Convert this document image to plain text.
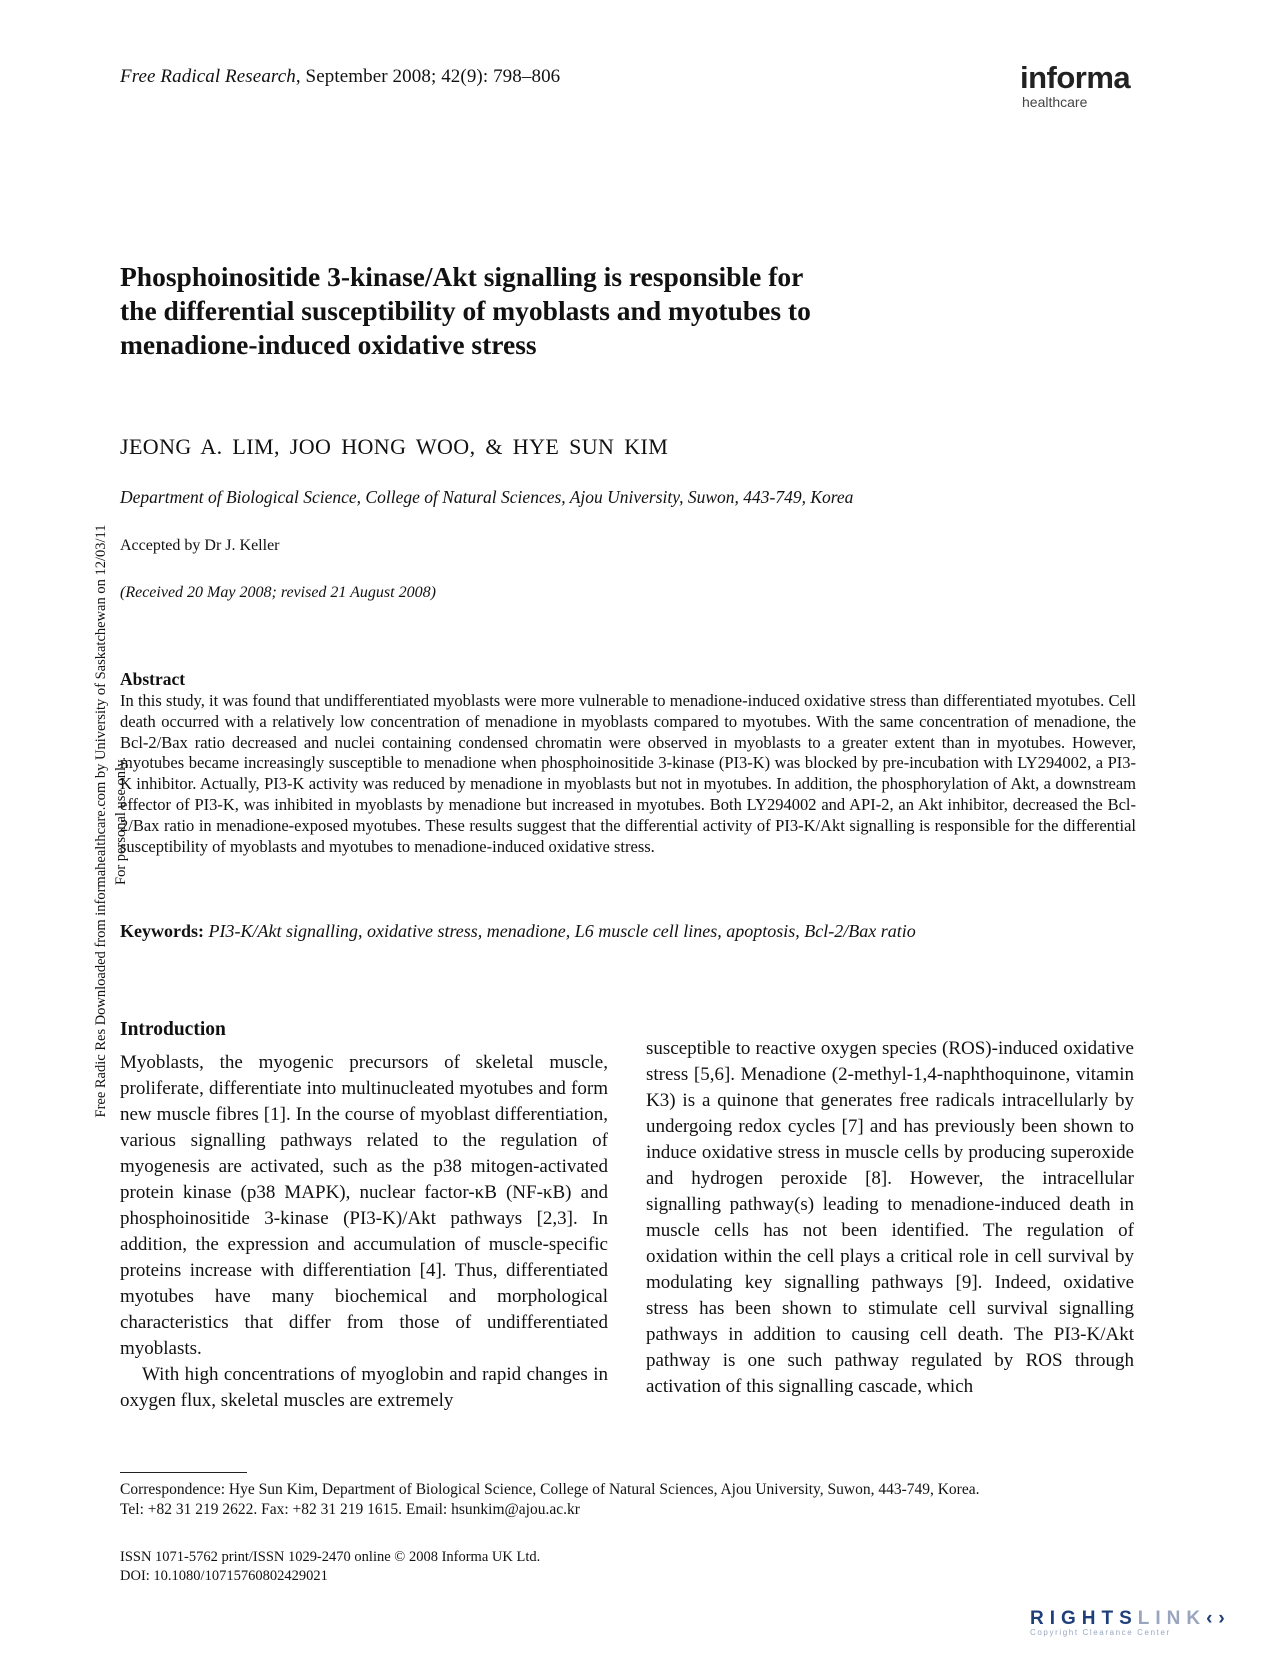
Free Radical Research, September 2008; 42(9): 798–806	informa
healthcare
Phosphoinositide 3-kinase/Akt signalling is responsible for
the differential susceptibility of myoblasts and myotubes to
menadione-induced oxidative stress
JEONG A. LIM, JOO HONG WOO, & HYE SUN KIM
Department of Biological Science, College of Natural Sciences, Ajou University, Suwon, 443-749, Korea
Accepted by Dr J. Keller
(Received 20 May 2008; revised 21 August 2008)
Abstract
In this study, it was found that undifferentiated myoblasts were more vulnerable to menadione-induced oxidative stress than differentiated myotubes. Cell death occurred with a relatively low concentration of menadione in myoblasts compared to myotubes. With the same concentration of menadione, the Bcl-2/Bax ratio decreased and nuclei containing condensed chromatin were observed in myoblasts to a greater extent than in myotubes. However, myotubes became increasingly susceptible to menadione when phosphoinositide 3-kinase (PI3-K) was blocked by pre-incubation with LY294002, a PI3-K inhibitor. Actually, PI3-K activity was reduced by menadione in myoblasts but not in myotubes. In addition, the phosphorylation of Akt, a downstream effector of PI3-K, was inhibited in myoblasts by menadione but increased in myotubes. Both LY294002 and API-2, an Akt inhibitor, decreased the Bcl-2/Bax ratio in menadione-exposed myotubes. These results suggest that the differential activity of PI3-K/Akt signalling is responsible for the differential susceptibility of myoblasts and myotubes to menadione-induced oxidative stress.
Keywords: PI3-K/Akt signalling, oxidative stress, menadione, L6 muscle cell lines, apoptosis, Bcl-2/Bax ratio
Introduction

Myoblasts, the myogenic precursors of skeletal muscle, proliferate, differentiate into multinucleated myotubes and form new muscle fibres [1]. In the course of myoblast differentiation, various signalling pathways related to the regulation of myogenesis are activated, such as the p38 mitogen-activated protein kinase (p38 MAPK), nuclear factor-κB (NF-κB) and phosphoinositide 3-kinase (PI3-K)/Akt pathways [2,3]. In addition, the expression and accumulation of muscle-specific proteins increase with differentiation [4]. Thus, differentiated myotubes have many biochemical and morphological characteristics that differ from those of undifferentiated myoblasts.

With high concentrations of myoglobin and rapid changes in oxygen flux, skeletal muscles are extremely

susceptible to reactive oxygen species (ROS)-induced oxidative stress [5,6]. Menadione (2-methyl-1,4-naphthoquinone, vitamin K3) is a quinone that generates free radicals intracellularly by undergoing redox cycles [7] and has previously been shown to induce oxidative stress in muscle cells by producing superoxide and hydrogen peroxide [8]. However, the intracellular signalling pathway(s) leading to menadione-induced death in muscle cells has not been identified. The regulation of oxidation within the cell plays a critical role in cell survival by modulating key signalling pathways [9]. Indeed, oxidative stress has been shown to stimulate cell survival signalling pathways in addition to causing cell death. The PI3-K/Akt pathway is one such pathway regulated by ROS through activation of this signalling cascade, which

Correspondence: Hye Sun Kim, Department of Biological Science, College of Natural Sciences, Ajou University, Suwon, 443-749, Korea.
Tel: +82 31 219 2622. Fax: +82 31 219 1615. Email: hsunkim@ajou.ac.kr
ISSN 1071-5762 print/ISSN 1029-2470 online © 2008 Informa UK Ltd.
DOI: 10.1080/10715760802429021
Free Radic Res Downloaded from informahealthcare.com by University of Saskatchewan on 12/03/11 For personal use only.
RIGHTSLINK‹›
Copyright Clearance Center
